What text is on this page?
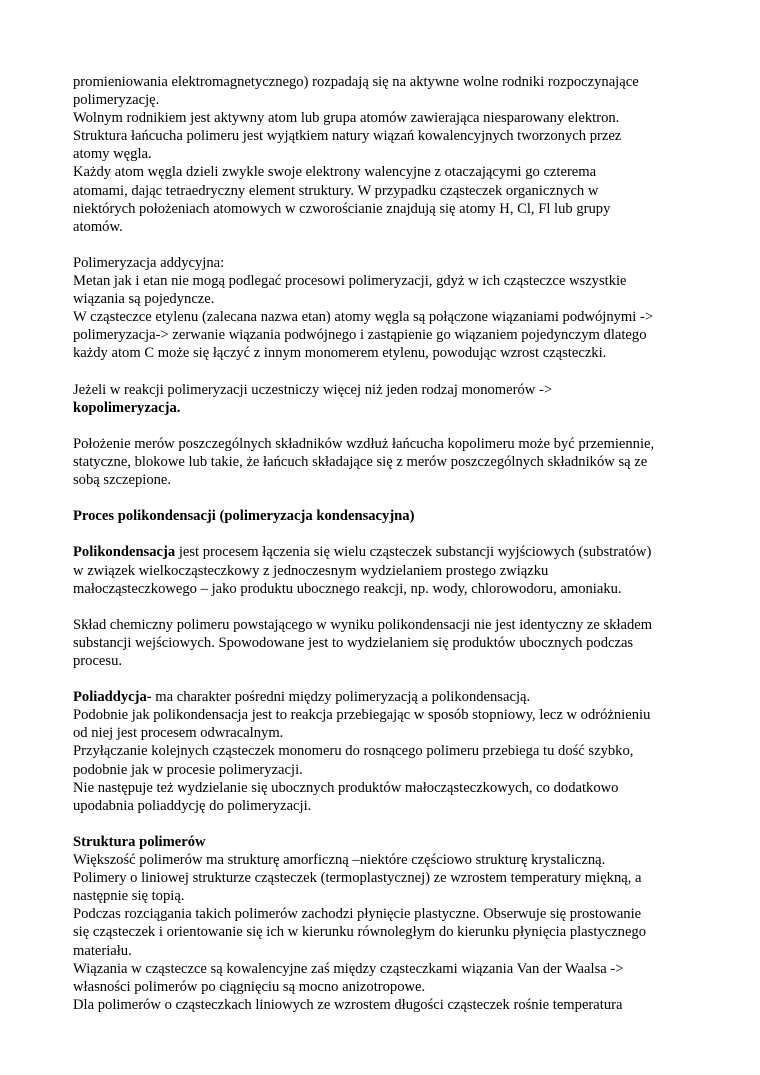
promieniowania elektromagnetycznego) rozpadają się na aktywne wolne rodniki rozpoczynające
polimeryzację.
Wolnym rodnikiem jest aktywny atom lub grupa atomów zawierająca niesparowany elektron.
Struktura łańcucha polimeru jest wyjątkiem natury wiązań kowalencyjnych tworzonych przez
atomy węgla.
Każdy atom węgla dzieli zwykle swoje elektrony walencyjne z otaczającymi go czterema
atomami, dając tetraedryczny element struktury. W przypadku cząsteczek organicznych w
niektórych położeniach atomowych w czworościanie znajdują się atomy H, Cl, Fl lub grupy
atomów.
Polimeryzacja addycyjna:
Metan jak i etan nie mogą podlegać procesowi polimeryzacji, gdyż w ich cząsteczce wszystkie
wiązania są pojedyncze.
W cząsteczce etylenu (zalecana nazwa etan) atomy węgla są połączone wiązaniami podwójnymi ->
polimeryzacja-> zerwanie wiązania podwójnego i zastąpienie go wiązaniem pojedynczym dlatego
każdy atom C może się łączyć z innym monomerem etylenu, powodując wzrost cząsteczki.
Jeżeli w reakcji polimeryzacji uczestniczy więcej niż jeden rodzaj monomerów ->
kopolimeryzacja.
Położenie merów poszczególnych składników wzdłuż łańcucha kopolimeru może być przemiennie,
statyczne, blokowe lub takie, że łańcuch składające się z merów poszczególnych składników są ze
sobą szczepione.
Proces polikondensacji (polimeryzacja kondensacyjna)
Polikondensacja jest procesem łączenia się wielu cząsteczek substancji wyjściowych (substratów)
w związek wielkocząsteczkowy z jednoczesnym wydzielaniem prostego związku
małocząsteczkowego – jako produktu ubocznego reakcji, np. wody, chlorowodoru, amoniaku.
Skład chemiczny polimeru powstającego w wyniku polikondensacji nie jest identyczny ze składem
substancji wejściowych. Spowodowane jest to wydzielaniem się produktów ubocznych podczas
procesu.
Poliaddycja- ma charakter pośredni między polimeryzacją a polikondensacją.
Podobnie jak polikondensacja jest to reakcja przebiegając w sposób stopniowy, lecz w odróżnieniu
od niej jest procesem odwracalnym.
Przyłączanie kolejnych cząsteczek monomeru do rosnącego polimeru przebiega tu dość szybko,
podobnie jak w procesie polimeryzacji.
Nie następuje też wydzielanie się ubocznych produktów małocząsteczkowych, co dodatkowo
upodabnia poliaddycję do polimeryzacji.
Struktura polimerów
Większość polimerów ma strukturę amorficzną –niektóre częściowo strukturę krystaliczną.
Polimery o liniowej strukturze cząsteczek (termoplastycznej) ze wzrostem temperatury miękną, a
następnie się topią.
Podczas rozciągania takich polimerów zachodzi płynięcie plastyczne. Obserwuje się prostowanie
się cząsteczek i orientowanie się ich w kierunku równoległym do kierunku płynięcia plastycznego
materiału.
Wiązania w cząsteczce są kowalencyjne zaś między cząsteczkami wiązania Van der Waalsa ->
własności polimerów po ciągnięciu są mocno anizotropowe.
Dla polimerów o cząsteczkach liniowych ze wzrostem długości cząsteczek rośnie temperatura
